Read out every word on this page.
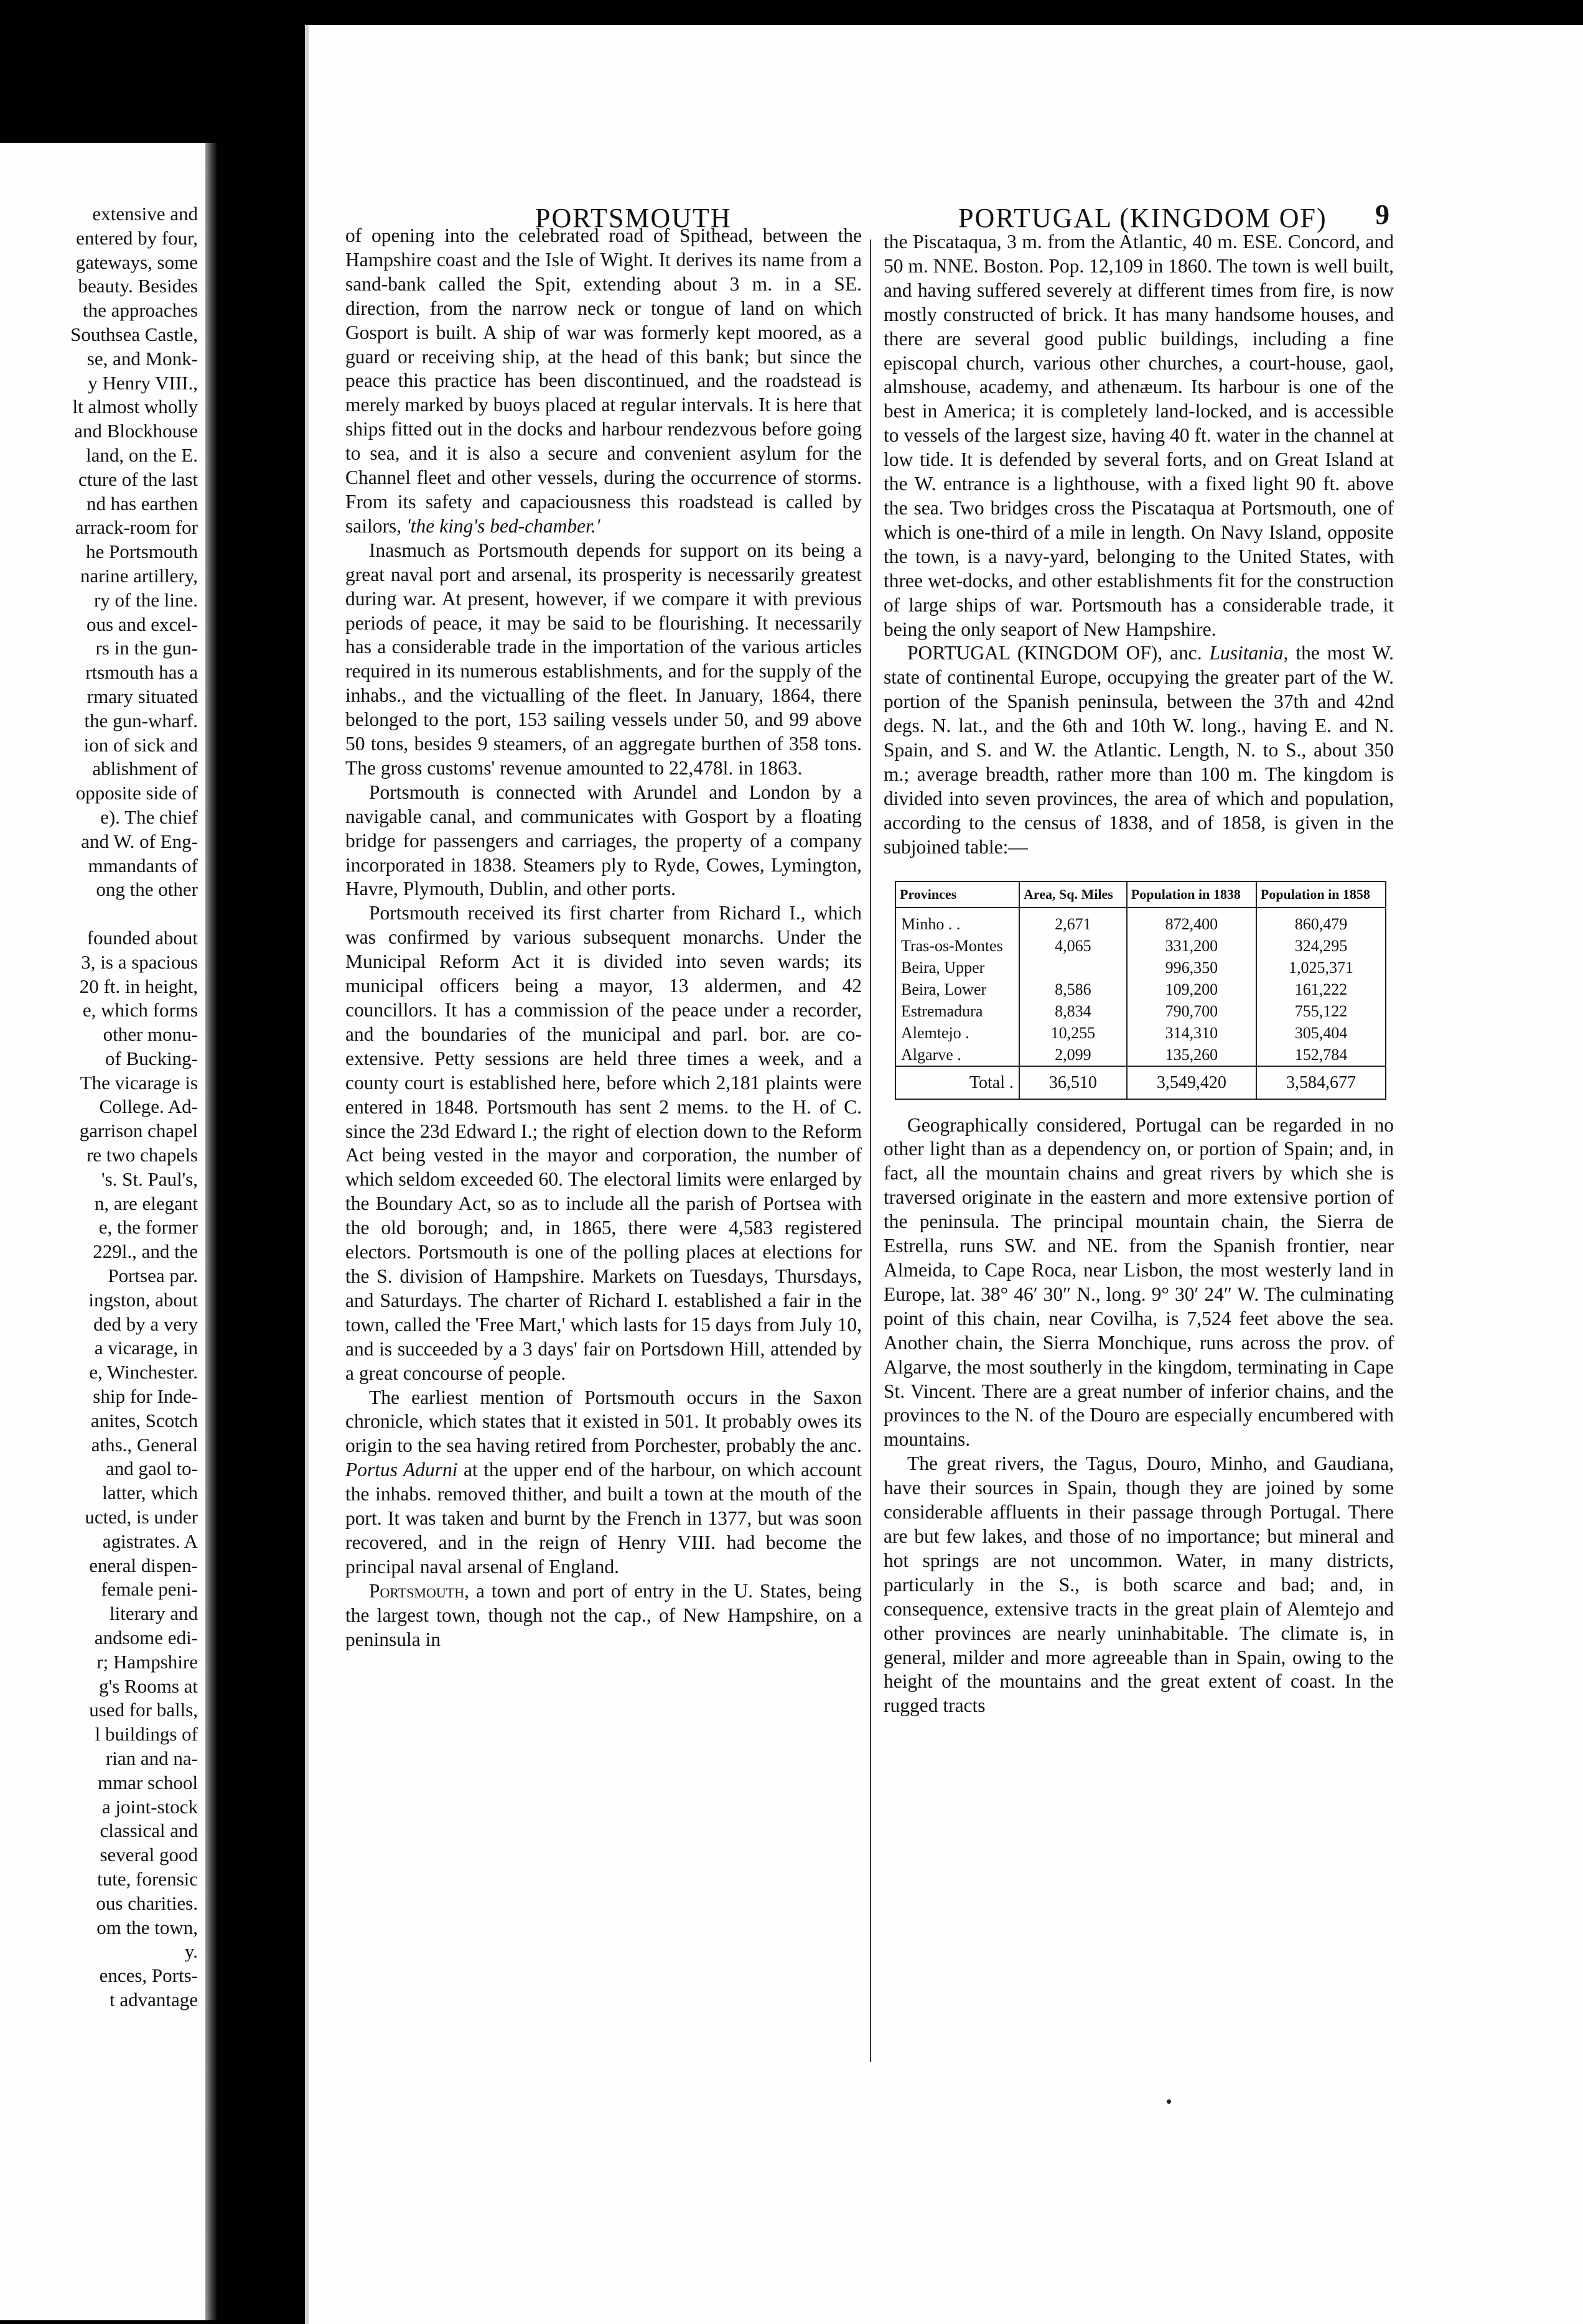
extensive and
entered by four,
gateways, some
beauty. Besides
the approaches
Southsea Castle,
se, and Monk-
y Henry VIII.,
lt almost wholly
and Blockhouse
land, on the E.
cture of the last
nd has earthen
arrack-room for
he Portsmouth
narine artillery,
ry of the line.
ous and excel-
rs in the gun-
rtsmouth has a
rmary situated
the gun-wharf.
ion of sick and
ablishment of
opposite side of
e). The chief
and W. of Eng-
mmandants of
ong the other
founded about
3, is a spacious
20 ft. in height,
e, which forms
other monu-
of Bucking-
The vicarage is
College. Ad-
garrison chapel
re two chapels
's. St. Paul's,
n, are elegant
e, the former
229l., and the
Portsea par.
ingston, about
ded by a very
a vicarage, in
e, Winchester.
ship for Inde-
anites, Scotch
aths., General
and gaol to-
latter, which
ucted, is under
agistrates. A
eneral dispen-
female peni-
literary and
andsome edi-
r; Hampshire
g's Rooms at
used for balls,
l buildings of
rian and na-
mmar school
a joint-stock
classical and
several good
tute, forensic
ous charities.
om the town,
y.
ences, Ports-
t advantage
PORTSMOUTH	PORTUGAL (KINGDOM OF) 9

of opening into the celebrated road of Spithead, between the Hampshire coast and the Isle of Wight. It derives its name from a sand-bank called the Spit, extending about 3 m. in a SE. direction, from the narrow neck or tongue of land on which Gosport is built. A ship of war was formerly kept moored, as a guard or receiving ship, at the head of this bank; but since the peace this practice has been discontinued, and the roadstead is merely marked by buoys placed at regular intervals. It is here that ships fitted out in the docks and harbour rendezvous before going to sea, and it is also a secure and convenient asylum for the Channel fleet and other vessels, during the occurrence of storms. From its safety and capaciousness this roadstead is called by sailors, 'the king's bed-chamber.'

Inasmuch as Portsmouth depends for support on its being a great naval port and arsenal, its prosperity is necessarily greatest during war. At present, however, if we compare it with previous periods of peace, it may be said to be flourishing. It necessarily has a considerable trade in the importation of the various articles required in its numerous establishments, and for the supply of the inhabs., and the victualling of the fleet. In January, 1864, there belonged to the port, 153 sailing vessels under 50, and 99 above 50 tons, besides 9 steamers, of an aggregate burthen of 358 tons. The gross customs' revenue amounted to 22,478l. in 1863.

Portsmouth is connected with Arundel and London by a navigable canal, and communicates with Gosport by a floating bridge for passengers and carriages, the property of a company incorporated in 1838. Steamers ply to Ryde, Cowes, Lymington, Havre, Plymouth, Dublin, and other ports.

Portsmouth received its first charter from Richard I., which was confirmed by various subsequent monarchs. Under the Municipal Reform Act it is divided into seven wards; its municipal officers being a mayor, 13 aldermen, and 42 councillors. It has a commission of the peace under a recorder, and the boundaries of the municipal and parl. bor. are co-extensive. Petty sessions are held three times a week, and a county court is established here, before which 2,181 plaints were entered in 1848. Portsmouth has sent 2 mems. to the H. of C. since the 23d Edward I.; the right of election down to the Reform Act being vested in the mayor and corporation, the number of which seldom exceeded 60. The electoral limits were enlarged by the Boundary Act, so as to include all the parish of Portsea with the old borough; and, in 1865, there were 4,583 registered electors. Portsmouth is one of the polling places at elections for the S. division of Hampshire. Markets on Tuesdays, Thursdays, and Saturdays. The charter of Richard I. established a fair in the town, called the 'Free Mart,' which lasts for 15 days from July 10, and is succeeded by a 3 days' fair on Portsdown Hill, attended by a great concourse of people.

The earliest mention of Portsmouth occurs in the Saxon chronicle, which states that it existed in 501. It probably owes its origin to the sea having retired from Porchester, probably the anc. Portus Adurni at the upper end of the harbour, on which account the inhabs. removed thither, and built a town at the mouth of the port. It was taken and burnt by the French in 1377, but was soon recovered, and in the reign of Henry VIII. had become the principal naval arsenal of England.

Portsmouth, a town and port of entry in the U. States, being the largest town, though not the cap., of New Hampshire, on a peninsula in

the Piscataqua, 3 m. from the Atlantic, 40 m. ESE. Concord, and 50 m. NNE. Boston. Pop. 12,109 in 1860. The town is well built, and having suffered severely at different times from fire, is now mostly constructed of brick. It has many handsome houses, and there are several good public buildings, including a fine episcopal church, various other churches, a court-house, gaol, almshouse, academy, and athenæum. Its harbour is one of the best in America; it is completely land-locked, and is accessible to vessels of the largest size, having 40 ft. water in the channel at low tide. It is defended by several forts, and on Great Island at the W. entrance is a lighthouse, with a fixed light 90 ft. above the sea. Two bridges cross the Piscataqua at Portsmouth, one of which is one-third of a mile in length. On Navy Island, opposite the town, is a navy-yard, belonging to the United States, with three wet-docks, and other establishments fit for the construction of large ships of war. Portsmouth has a considerable trade, it being the only seaport of New Hampshire.

PORTUGAL (KINGDOM OF), anc. Lusitania, the most W. state of continental Europe, occupying the greater part of the W. portion of the Spanish peninsula, between the 37th and 42nd degs. N. lat., and the 6th and 10th W. long., having E. and N. Spain, and S. and W. the Atlantic. Length, N. to S., about 350 m.; average breadth, rather more than 100 m. The kingdom is divided into seven provinces, the area of which and population, according to the census of 1838, and of 1858, is given in the subjoined table:—

Provinces	Area, Sq. Miles	Population in 1838	Population in 1858
Minho . .	2,671	872,400	860,479
Tras-os-Montes	4,065	331,200	324,295
Beira, Upper		996,350	1,025,371
Beira, Lower	8,586	109,200	161,222
Estremadura	8,834	790,700	755,122
Alemtejo .	10,255	314,310	305,404
Algarve .	2,099	135,260	152,784
Total .	36,510	3,549,420	3,584,677

Geographically considered, Portugal can be regarded in no other light than as a dependency on, or portion of Spain; and, in fact, all the mountain chains and great rivers by which she is traversed originate in the eastern and more extensive portion of the peninsula. The principal mountain chain, the Sierra de Estrella, runs SW. and NE. from the Spanish frontier, near Almeida, to Cape Roca, near Lisbon, the most westerly land in Europe, lat. 38° 46′ 30″ N., long. 9° 30′ 24″ W. The culminating point of this chain, near Covilha, is 7,524 feet above the sea. Another chain, the Sierra Monchique, runs across the prov. of Algarve, the most southerly in the kingdom, terminating in Cape St. Vincent. There are a great number of inferior chains, and the provinces to the N. of the Douro are especially encumbered with mountains.

The great rivers, the Tagus, Douro, Minho, and Gaudiana, have their sources in Spain, though they are joined by some considerable affluents in their passage through Portugal. There are but few lakes, and those of no importance; but mineral and hot springs are not uncommon. Water, in many districts, particularly in the S., is both scarce and bad; and, in consequence, extensive tracts in the great plain of Alemtejo and other provinces are nearly uninhabitable. The climate is, in general, milder and more agreeable than in Spain, owing to the height of the mountains and the great extent of coast. In the rugged tracts
